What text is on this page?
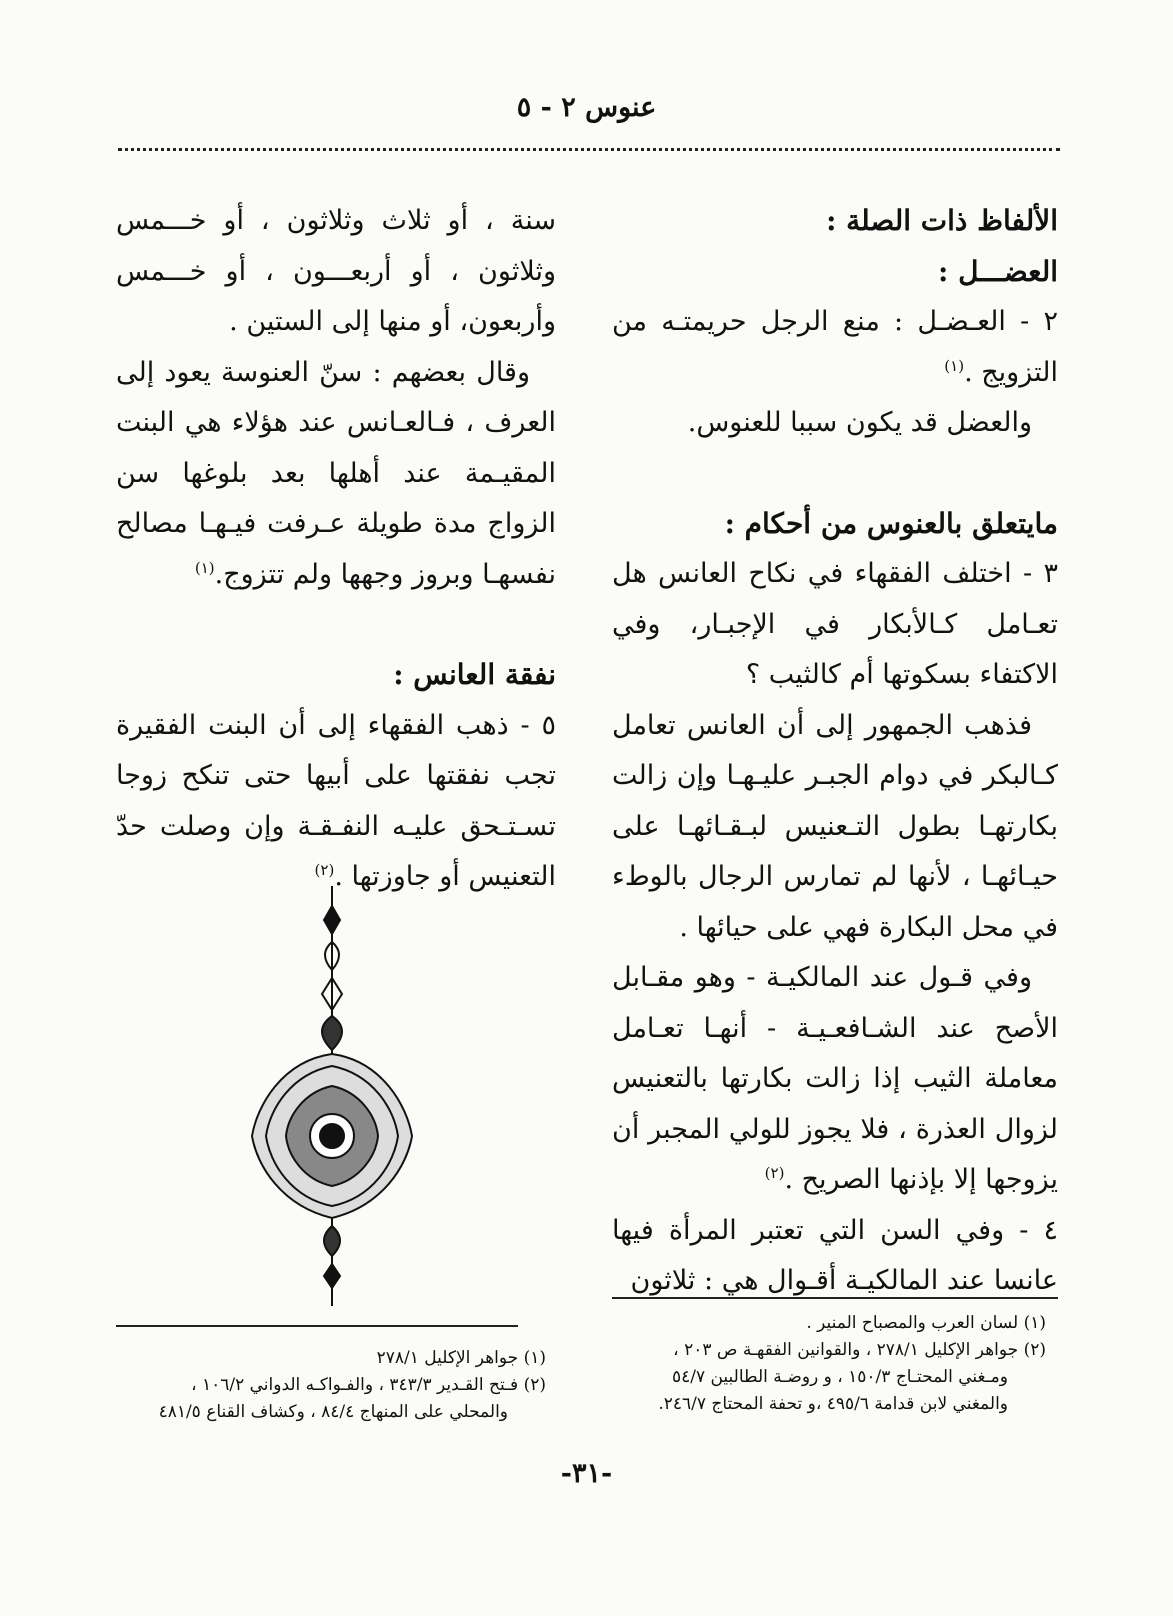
عنوس ٢ - ٥

الألفاظ ذات الصلة :

العضـــل :

٢ - العـضـل : منع الرجل حريمتـه من التزويج .$^{(١)}$

والعضل قد يكون سببا للعنوس.

مايتعلق بالعنوس من أحكام :

٣ - اختلف الفقهاء في نكاح العانس هل تعـامل كـالأبكار في الإجبـار، وفي الاكتفاء بسكوتها أم كالثيب ؟

فذهب الجمهور إلى أن العانس تعامل كـالبكر في دوام الجبـر عليـهـا وإن زالت بكارتهـا بطول التـعنيس لبـقـائهـا على حيـائهـا ، لأنها لم تمارس الرجال بالوطء في محل البكارة فهي على حيائها .

وفي قـول عند المالكيـة - وهو مقـابل الأصح عند الشـافعـيـة - أنهـا تعـامل معاملة الثيب إذا زالت بكارتها بالتعنيس لزوال العذرة ، فلا يجوز للولي المجبر أن يزوجها إلا بإذنها الصريح .$^{(٢)}$

٤ - وفي السن التي تعتبر المرأة فيها عانسا عند المالكيـة أقـوال هي : ثلاثون

سنة ، أو ثلاث وثلاثون ، أو خـــمس وثلاثون ، أو أربعـــون ، أو خـــمس وأربعون، أو منها إلى الستين .

وقال بعضهم : سنّ العنوسة يعود إلى العرف ، فـالعـانس عند هؤلاء هي البنت المقيـمة عند أهلها بعد بلوغها سن الزواج مدة طويلة عـرفت فيـهـا مصالح نفسهـا وبروز وجهها ولم تتزوج.$^{(١)}$

نفقة العانس :

٥ - ذهب الفقهاء إلى أن البنت الفقيرة تجب نفقتها على أبيها حتى تنكح زوجا تسـتـحق عليـه النفـقـة وإن وصلت حدّ التعنيس أو جاوزتها .$^{(٢)}$

(١) لسان العرب والمصباح المنير .

(٢) جواهر الإكليل ٢٧٨/١ ، والقوانين الفقهـة ص ٢٠٣ ،

ومـغني المحتـاج ١٥٠/٣ ، و روضـة الطالبين ٥٤/٧

والمغني لابن قدامة ٤٩٥/٦ ،و تحفة المحتاج ٢٤٦/٧.

(١) جواهر الإكليل ٢٧٨/١

(٢) فـتح القـدير ٣٤٣/٣ ، والفـواكـه الدواني ١٠٦/٢ ،

والمحلي على المنهاج ٨٤/٤ ، وكشاف القناع ٤٨١/٥

-٣١-
